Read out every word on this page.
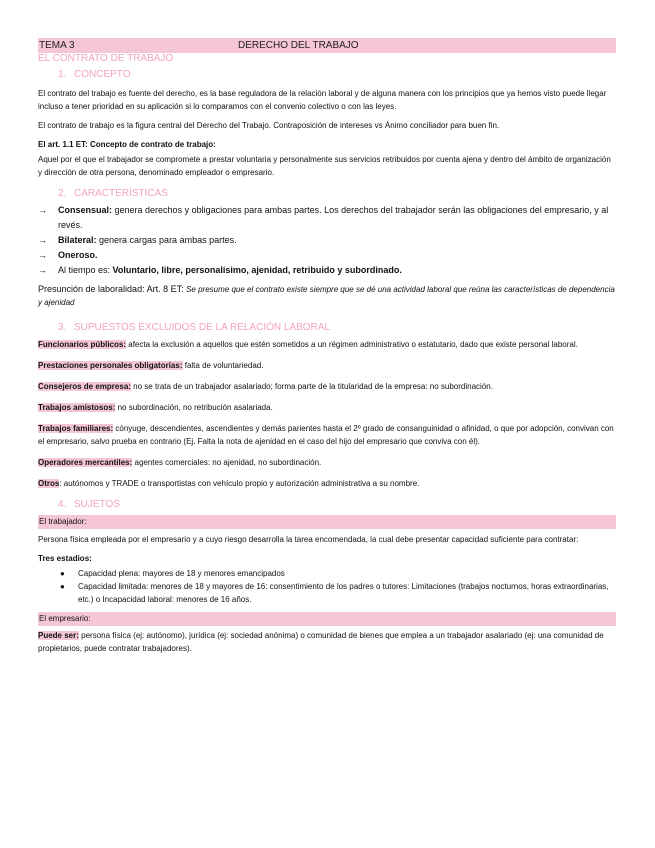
TEMA 3	DERECHO DEL TRABAJO
EL CONTRATO DE TRABAJO
1. CONCEPTO

El contrato del trabajo es fuente del derecho, es la base reguladora de la relación laboral y de alguna manera con los principios que ya hemos visto puede llegar incluso a tener prioridad en su aplicación si lo comparamos con el convenio colectivo o con las leyes.

El contrato de trabajo es la figura central del Derecho del Trabajo. Contraposición de intereses vs Ánimo conciliador para buen fin.

El art. 1.1 ET: Concepto de contrato de trabajo:

Aquel por el que el trabajador se compromete a prestar voluntaria y personalmente sus servicios retribuidos por cuenta ajena y dentro del ámbito de organización y dirección de otra persona, denominado empleador o empresario.

2. CARACTERÍSTICAS
→ Consensual: genera derechos y obligaciones para ambas partes. Los derechos del trabajador serán las obligaciones del empresario, y al revés.
→ Bilateral: genera cargas para ambas partes.
→ Oneroso.
→ Al tiempo es: Voluntario, libre, personalísimo, ajenidad, retribuido y subordinado.

Presunción de laboralidad: Art. 8 ET: Se presume que el contrato existe siempre que se dé una actividad laboral que reúna las características de dependencia y ajenidad

3. SUPUESTOS EXCLUIDOS DE LA RELACIÓN LABORAL

Funcionarios públicos: afecta la exclusión a aquellos que estén sometidos a un régimen administrativo o estatutario, dado que existe personal laboral.

Prestaciones personales obligatorias: falta de voluntariedad.

Consejeros de empresa: no se trata de un trabajador asalariado; forma parte de la titularidad de la empresa: no subordinación.

Trabajos amistosos: no subordinación, no retribución asalariada.

Trabajos familiares: cónyuge, descendientes, ascendientes y demás parientes hasta el 2º grado de consanguinidad o afinidad, o que por adopción, convivan con el empresario, salvo prueba en contrario (Ej. Falta la nota de ajenidad en el caso del hijo del empresario que conviva con él).

Operadores mercantiles: agentes comerciales: no ajenidad, no subordinación.

Otros: autónomos y TRADE o transportistas con vehículo propio y autorización administrativa a su nombre.

4. SUJETOS
El trabajador:

Persona física empleada por el empresario y a cuyo riesgo desarrolla la tarea encomendada, la cual debe presentar capacidad suficiente para contratar:

Tres estadios:

● Capacidad plena: mayores de 18 y menores emancipados
● Capacidad limitada: menores de 18 y mayores de 16: consentimiento de los padres o tutores: Limitaciones (trabajos nocturnos, horas extraordinarias, etc.) o Incapacidad laboral: menores de 16 años.
El empresario:

Puede ser: persona física (ej: autónomo), jurídica (ej: sociedad anónima) o comunidad de bienes que emplea a un trabajador asalariado (ej: una comunidad de propietarios, puede contratar trabajadores).
